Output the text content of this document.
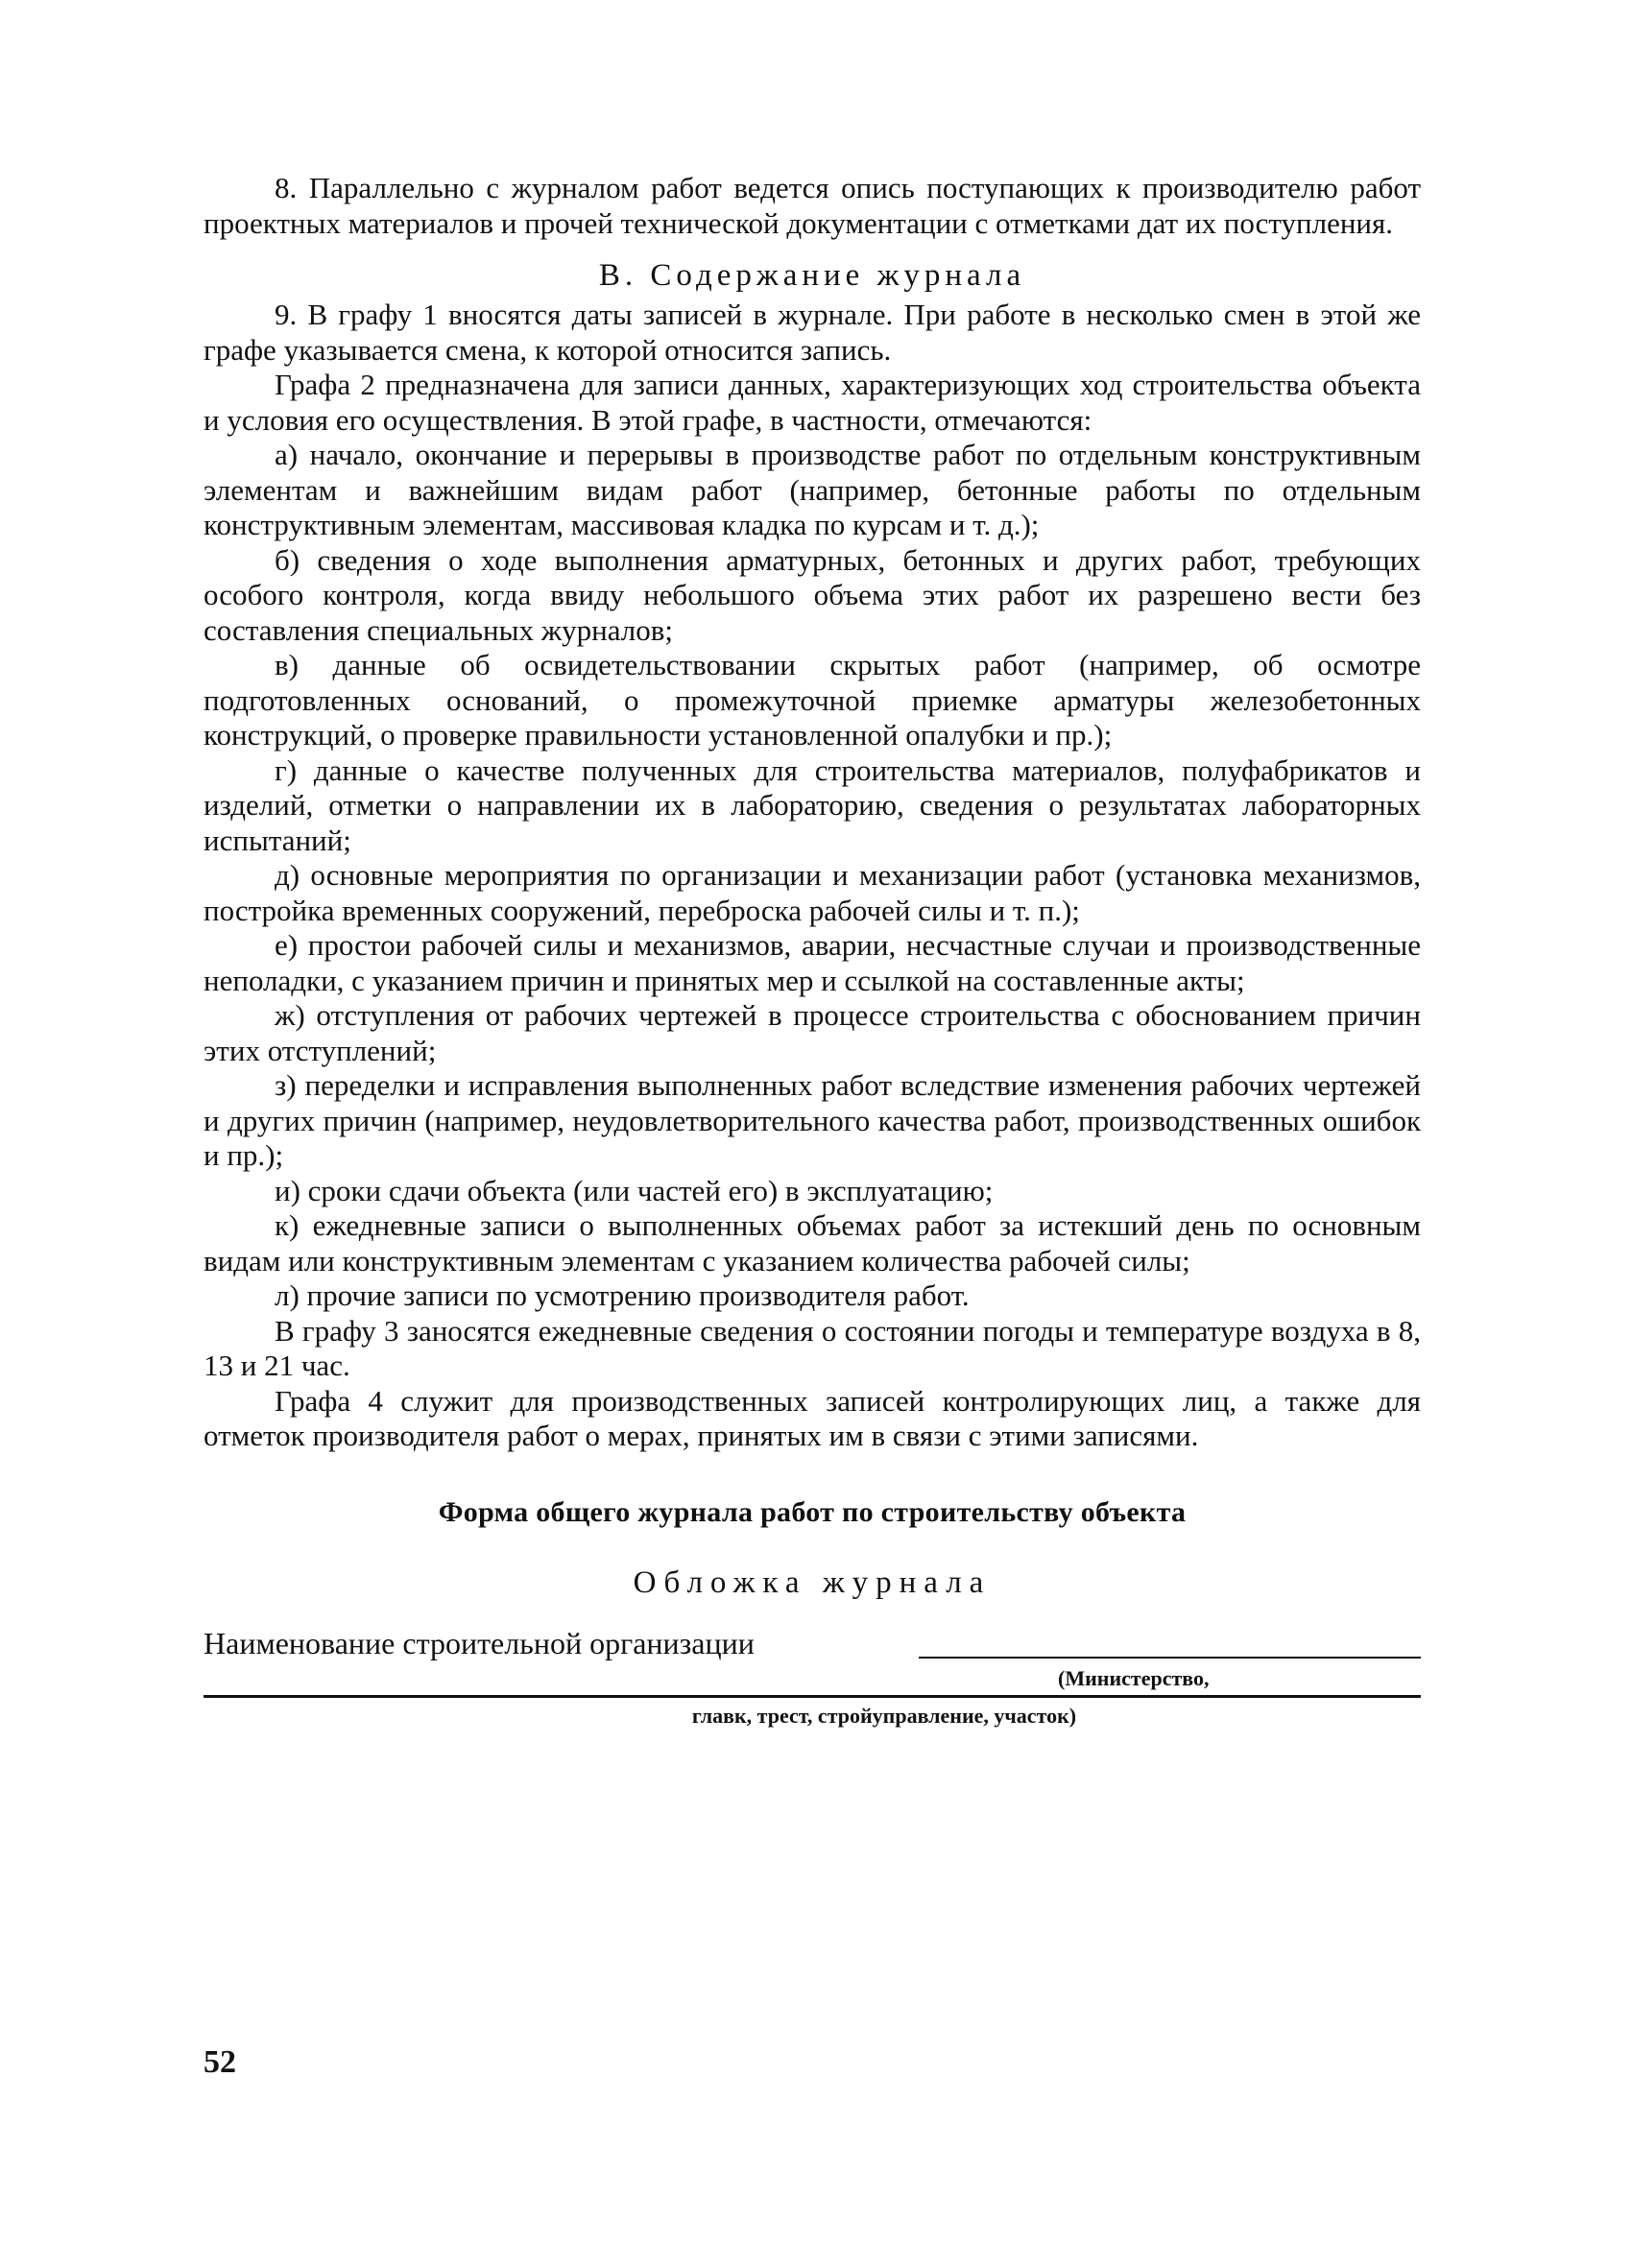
8. Параллельно с журналом работ ведется опись поступающих к производителю работ проектных материалов и прочей технической документации с отметками дат их поступления.

В. Содержание журнала

9. В графу 1 вносятся даты записей в журнале. При работе в несколько смен в этой же графе указывается смена, к которой относится запись.

Графа 2 предназначена для записи данных, характеризующих ход строительства объекта и условия его осуществления. В этой графе, в частности, отмечаются:

а) начало, окончание и перерывы в производстве работ по отдельным конструктивным элементам и важнейшим видам работ (например, бетонные работы по отдельным конструктивным элементам, массивовая кладка по курсам и т. д.);

б) сведения о ходе выполнения арматурных, бетонных и других работ, требующих особого контроля, когда ввиду небольшого объема этих работ их разрешено вести без составления специальных журналов;

в) данные об освидетельствовании скрытых работ (например, об осмотре подготовленных оснований, о промежуточной приемке арматуры железобетонных конструкций, о проверке правильности установленной опалубки и пр.);

г) данные о качестве полученных для строительства материалов, полуфабрикатов и изделий, отметки о направлении их в лабораторию, сведения о результатах лабораторных испытаний;

д) основные мероприятия по организации и механизации работ (установка механизмов, постройка временных сооружений, переброска рабочей силы и т. п.);

е) простои рабочей силы и механизмов, аварии, несчастные случаи и производственные неполадки, с указанием причин и принятых мер и ссылкой на составленные акты;

ж) отступления от рабочих чертежей в процессе строительства с обоснованием причин этих отступлений;

з) переделки и исправления выполненных работ вследствие изменения рабочих чертежей и других причин (например, неудовлетворительного качества работ, производственных ошибок и пр.);

и) сроки сдачи объекта (или частей его) в эксплуатацию;

к) ежедневные записи о выполненных объемах работ за истекший день по основным видам или конструктивным элементам с указанием количества рабочей силы;

л) прочие записи по усмотрению производителя работ.

В графу 3 заносятся ежедневные сведения о состоянии погоды и температуре воздуха в 8, 13 и 21 час.

Графа 4 служит для производственных записей контролирующих лиц, а также для отметок производителя работ о мерах, принятых им в связи с этими записями.

Форма общего журнала работ по строительству объекта
Обложка журнала
Наименование строительной организации
(Министерство,
главк, трест, стройуправление, участок)
52
